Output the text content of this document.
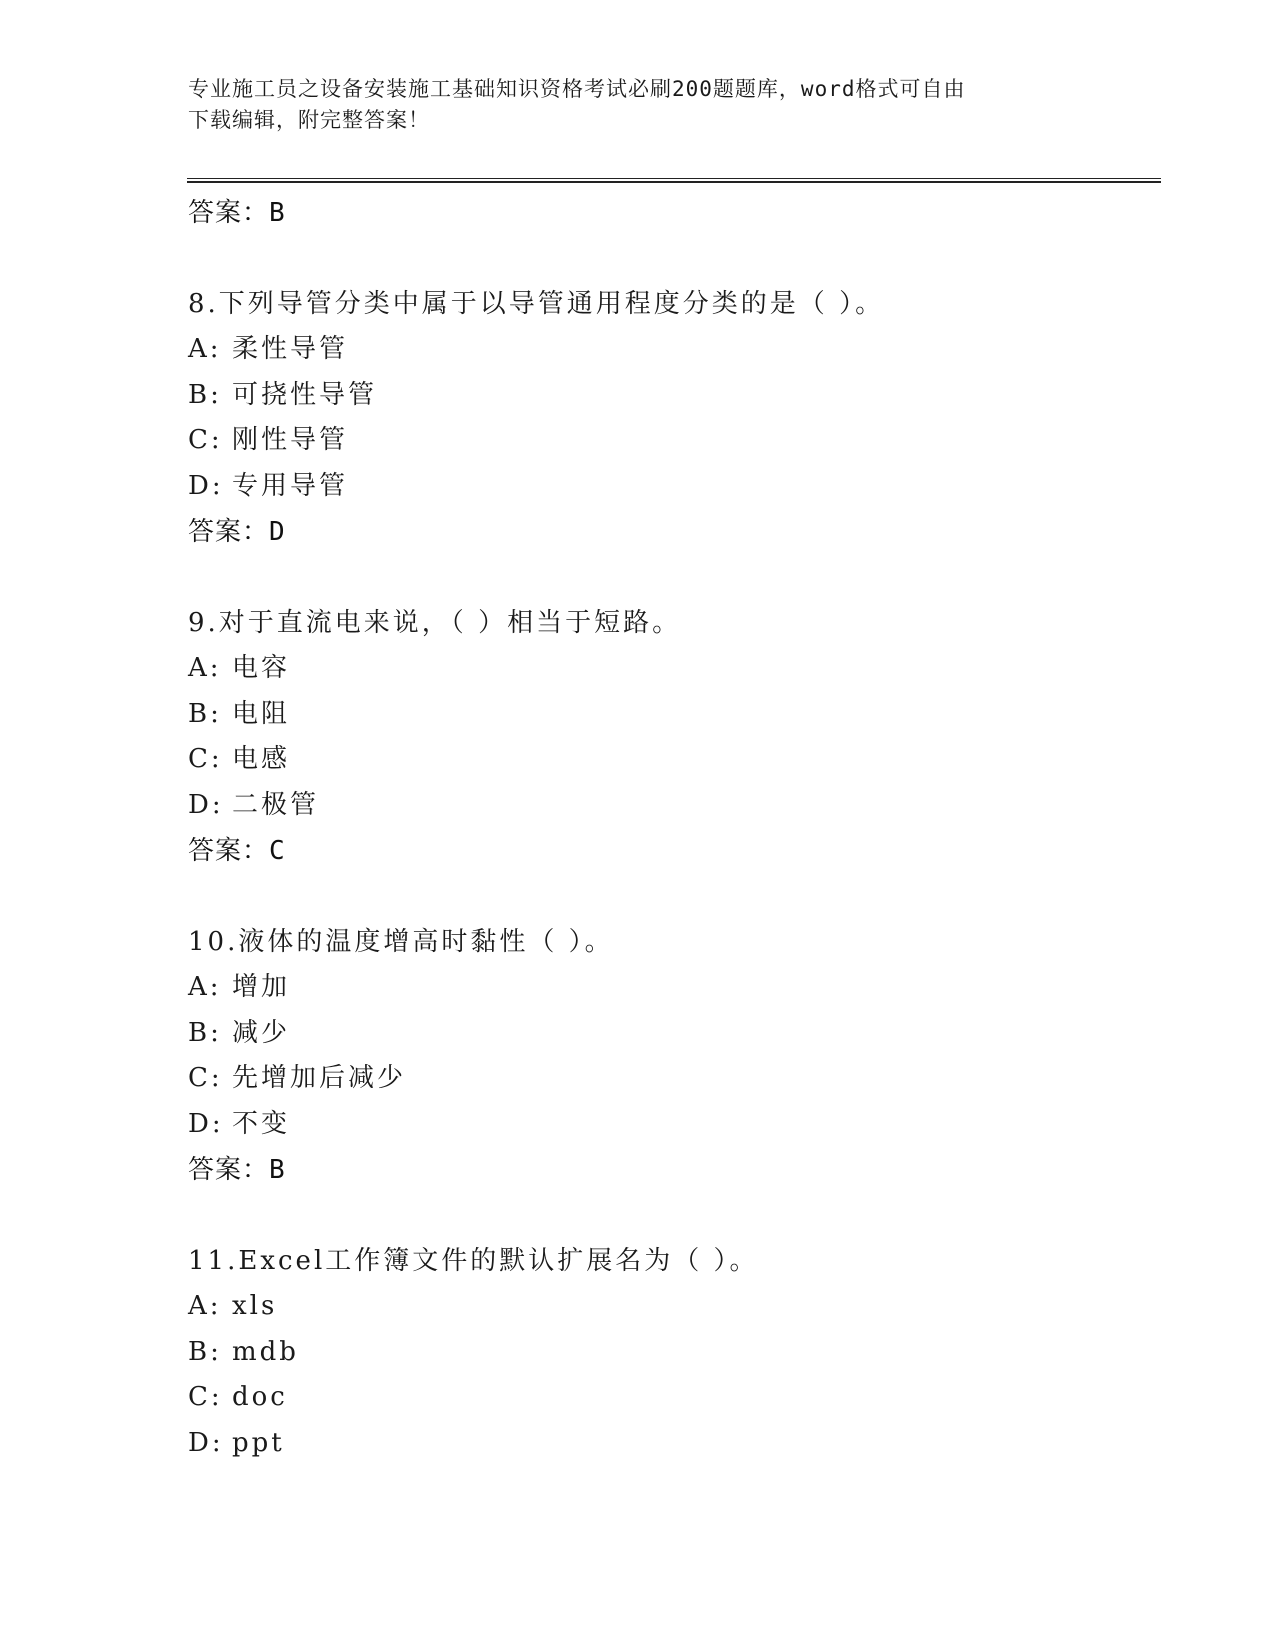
专业施工员之设备安装施工基础知识资格考试必刷200题题库，word格式可自由
下载编辑，附完整答案！
答案：B
8.下列导管分类中属于以导管通用程度分类的是（ ）。
A: 柔性导管
B: 可挠性导管
C: 刚性导管
D: 专用导管
答案：D
9.对于直流电来说，（ ）相当于短路。
A: 电容
B: 电阻
C: 电感
D: 二极管
答案：C
10.液体的温度增高时黏性（ ）。
A: 增加
B: 减少
C: 先增加后减少
D: 不变
答案：B
11.Excel工作簿文件的默认扩展名为（ ）。
A: xls
B: mdb
C: doc
D: ppt
